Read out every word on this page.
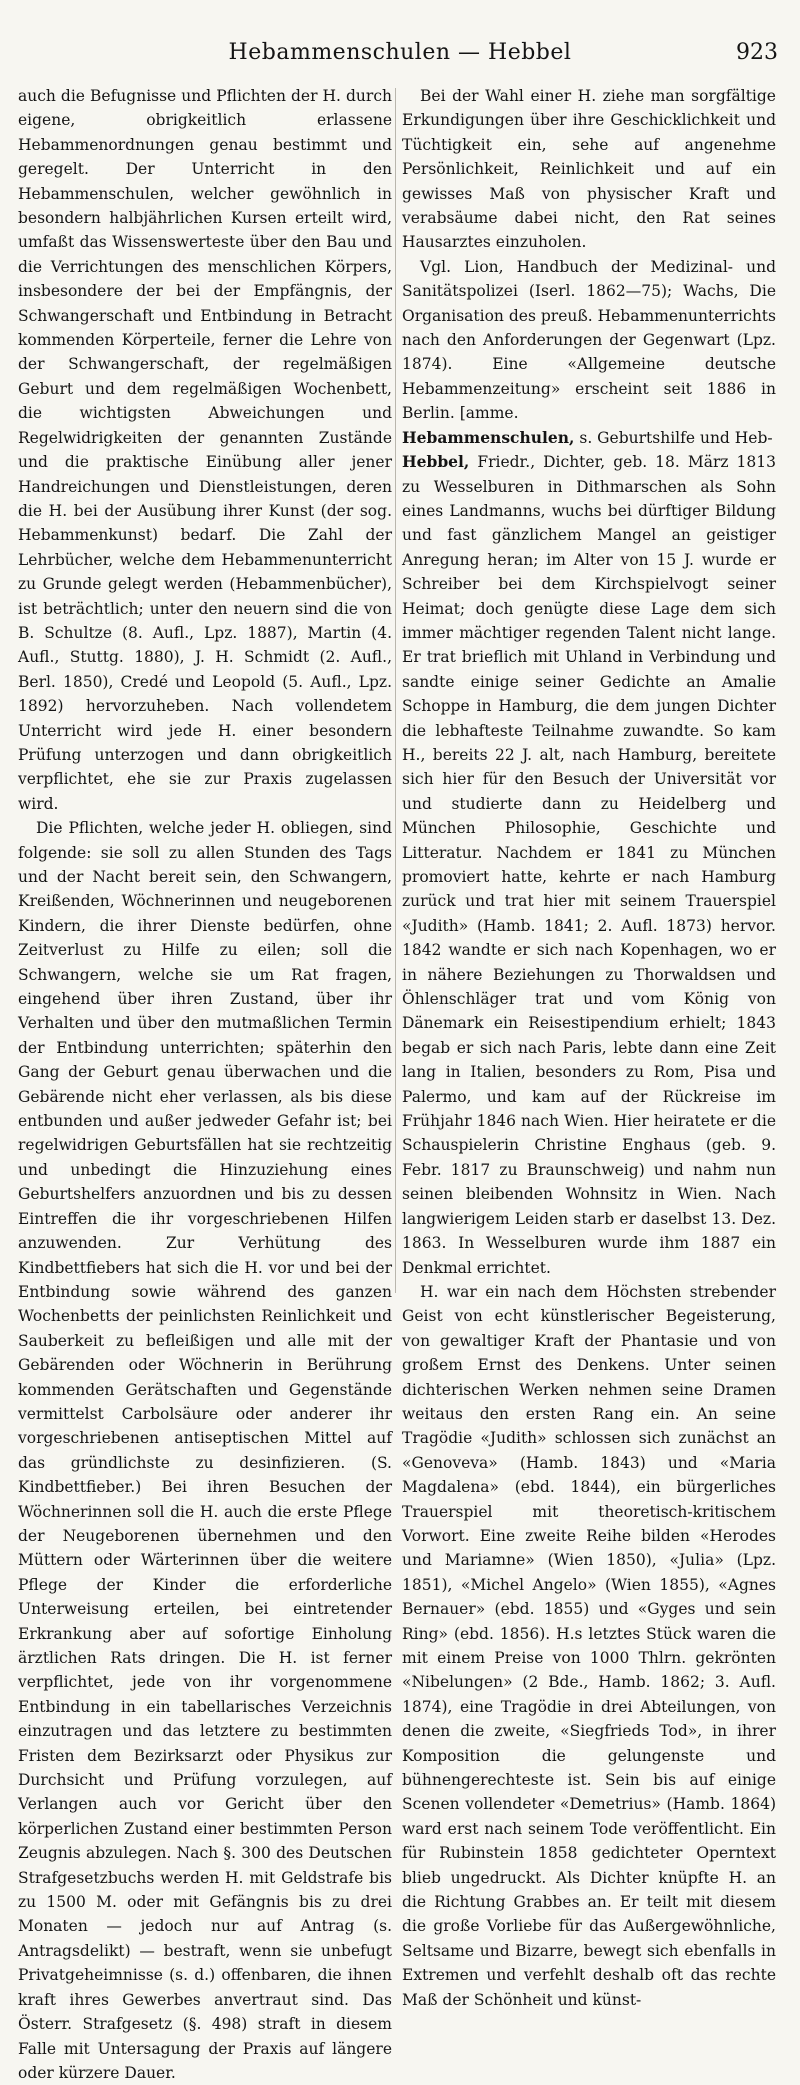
Hebammenschulen — Hebbel	923

auch die Befugnisse und Pflichten der H. durch eigene, obrigkeitlich erlassene Hebammenordnungen genau bestimmt und geregelt. Der Unterricht in den Hebammenschulen, welcher gewöhnlich in besondern halbjährlichen Kursen erteilt wird, umfaßt das Wissenswerteste über den Bau und die Verrichtungen des menschlichen Körpers, insbesondere der bei der Empfängnis, der Schwangerschaft und Entbindung in Betracht kommenden Körperteile, ferner die Lehre von der Schwangerschaft, der regelmäßigen Geburt und dem regelmäßigen Wochenbett, die wichtigsten Abweichungen und Regelwidrigkeiten der genannten Zustände und die praktische Einübung aller jener Handreichungen und Dienstleistungen, deren die H. bei der Ausübung ihrer Kunst (der sog. Hebammenkunst) bedarf. Die Zahl der Lehrbücher, welche dem Hebammenunterricht zu Grunde gelegt werden (Hebammenbücher), ist beträchtlich; unter den neuern sind die von B. Schultze (8. Aufl., Lpz. 1887), Martin (4. Aufl., Stuttg. 1880), J. H. Schmidt (2. Aufl., Berl. 1850), Credé und Leopold (5. Aufl., Lpz. 1892) hervorzuheben. Nach vollendetem Unterricht wird jede H. einer besondern Prüfung unterzogen und dann obrigkeitlich verpflichtet, ehe sie zur Praxis zugelassen wird.

Die Pflichten, welche jeder H. obliegen, sind folgende: sie soll zu allen Stunden des Tags und der Nacht bereit sein, den Schwangern, Kreißenden, Wöchnerinnen und neugeborenen Kindern, die ihrer Dienste bedürfen, ohne Zeitverlust zu Hilfe zu eilen; soll die Schwangern, welche sie um Rat fragen, eingehend über ihren Zustand, über ihr Verhalten und über den mutmaßlichen Termin der Entbindung unterrichten; späterhin den Gang der Geburt genau überwachen und die Gebärende nicht eher verlassen, als bis diese entbunden und außer jedweder Gefahr ist; bei regelwidrigen Geburtsfällen hat sie rechtzeitig und unbedingt die Hinzuziehung eines Geburtshelfers anzuordnen und bis zu dessen Eintreffen die ihr vorgeschriebenen Hilfen anzuwenden. Zur Verhütung des Kindbettfiebers hat sich die H. vor und bei der Entbindung sowie während des ganzen Wochenbetts der peinlichsten Reinlichkeit und Sauberkeit zu befleißigen und alle mit der Gebärenden oder Wöchnerin in Berührung kommenden Gerätschaften und Gegenstände vermittelst Carbolsäure oder anderer ihr vorgeschriebenen antiseptischen Mittel auf das gründlichste zu desinfizieren. (S. Kindbettfieber.) Bei ihren Besuchen der Wöchnerinnen soll die H. auch die erste Pflege der Neugeborenen übernehmen und den Müttern oder Wärterinnen über die weitere Pflege der Kinder die erforderliche Unterweisung erteilen, bei eintretender Erkrankung aber auf sofortige Einholung ärztlichen Rats dringen. Die H. ist ferner verpflichtet, jede von ihr vorgenommene Entbindung in ein tabellarisches Verzeichnis einzutragen und das letztere zu bestimmten Fristen dem Bezirksarzt oder Physikus zur Durchsicht und Prüfung vorzulegen, auf Verlangen auch vor Gericht über den körperlichen Zustand einer bestimmten Person Zeugnis abzulegen. Nach §. 300 des Deutschen Strafgesetzbuchs werden H. mit Geldstrafe bis zu 1500 M. oder mit Gefängnis bis zu drei Monaten — jedoch nur auf Antrag (s. Antragsdelikt) — bestraft, wenn sie unbefugt Privatgeheimnisse (s. d.) offenbaren, die ihnen kraft ihres Gewerbes anvertraut sind. Das Österr. Strafgesetz (§. 498) straft in diesem Falle mit Untersagung der Praxis auf längere oder kürzere Dauer.

Bei der Wahl einer H. ziehe man sorgfältige Erkundigungen über ihre Geschicklichkeit und Tüchtigkeit ein, sehe auf angenehme Persönlichkeit, Reinlichkeit und auf ein gewisses Maß von physischer Kraft und verabsäume dabei nicht, den Rat seines Hausarztes einzuholen.

Vgl. Lion, Handbuch der Medizinal- und Sanitätspolizei (Iserl. 1862—75); Wachs, Die Organisation des preuß. Hebammenunterrichts nach den Anforderungen der Gegenwart (Lpz. 1874). Eine «Allgemeine deutsche Hebammenzeitung» erscheint seit 1886 in Berlin. [amme.

Hebammenschulen, s. Geburtshilfe und Heb-

Hebbel, Friedr., Dichter, geb. 18. März 1813 zu Wesselburen in Dithmarschen als Sohn eines Landmanns, wuchs bei dürftiger Bildung und fast gänzlichem Mangel an geistiger Anregung heran; im Alter von 15 J. wurde er Schreiber bei dem Kirchspielvogt seiner Heimat; doch genügte diese Lage dem sich immer mächtiger regenden Talent nicht lange. Er trat brieflich mit Uhland in Verbindung und sandte einige seiner Gedichte an Amalie Schoppe in Hamburg, die dem jungen Dichter die lebhafteste Teilnahme zuwandte. So kam H., bereits 22 J. alt, nach Hamburg, bereitete sich hier für den Besuch der Universität vor und studierte dann zu Heidelberg und München Philosophie, Geschichte und Litteratur. Nachdem er 1841 zu München promoviert hatte, kehrte er nach Hamburg zurück und trat hier mit seinem Trauerspiel «Judith» (Hamb. 1841; 2. Aufl. 1873) hervor. 1842 wandte er sich nach Kopenhagen, wo er in nähere Beziehungen zu Thorwaldsen und Öhlenschläger trat und vom König von Dänemark ein Reisestipendium erhielt; 1843 begab er sich nach Paris, lebte dann eine Zeit lang in Italien, besonders zu Rom, Pisa und Palermo, und kam auf der Rückreise im Frühjahr 1846 nach Wien. Hier heiratete er die Schauspielerin Christine Enghaus (geb. 9. Febr. 1817 zu Braunschweig) und nahm nun seinen bleibenden Wohnsitz in Wien. Nach langwierigem Leiden starb er daselbst 13. Dez. 1863. In Wesselburen wurde ihm 1887 ein Denkmal errichtet.

H. war ein nach dem Höchsten strebender Geist von echt künstlerischer Begeisterung, von gewaltiger Kraft der Phantasie und von großem Ernst des Denkens. Unter seinen dichterischen Werken nehmen seine Dramen weitaus den ersten Rang ein. An seine Tragödie «Judith» schlossen sich zunächst an «Genoveva» (Hamb. 1843) und «Maria Magdalena» (ebd. 1844), ein bürgerliches Trauerspiel mit theoretisch-kritischem Vorwort. Eine zweite Reihe bilden «Herodes und Mariamne» (Wien 1850), «Julia» (Lpz. 1851), «Michel Angelo» (Wien 1855), «Agnes Bernauer» (ebd. 1855) und «Gyges und sein Ring» (ebd. 1856). H.s letztes Stück waren die mit einem Preise von 1000 Thlrn. gekrönten «Nibelungen» (2 Bde., Hamb. 1862; 3. Aufl. 1874), eine Tragödie in drei Abteilungen, von denen die zweite, «Siegfrieds Tod», in ihrer Komposition die gelungenste und bühnengerechteste ist. Sein bis auf einige Scenen vollendeter «Demetrius» (Hamb. 1864) ward erst nach seinem Tode veröffentlicht. Ein für Rubinstein 1858 gedichteter Operntext blieb ungedruckt. Als Dichter knüpfte H. an die Richtung Grabbes an. Er teilt mit diesem die große Vorliebe für das Außergewöhnliche, Seltsame und Bizarre, bewegt sich ebenfalls in Extremen und verfehlt deshalb oft das rechte Maß der Schönheit und künst-
